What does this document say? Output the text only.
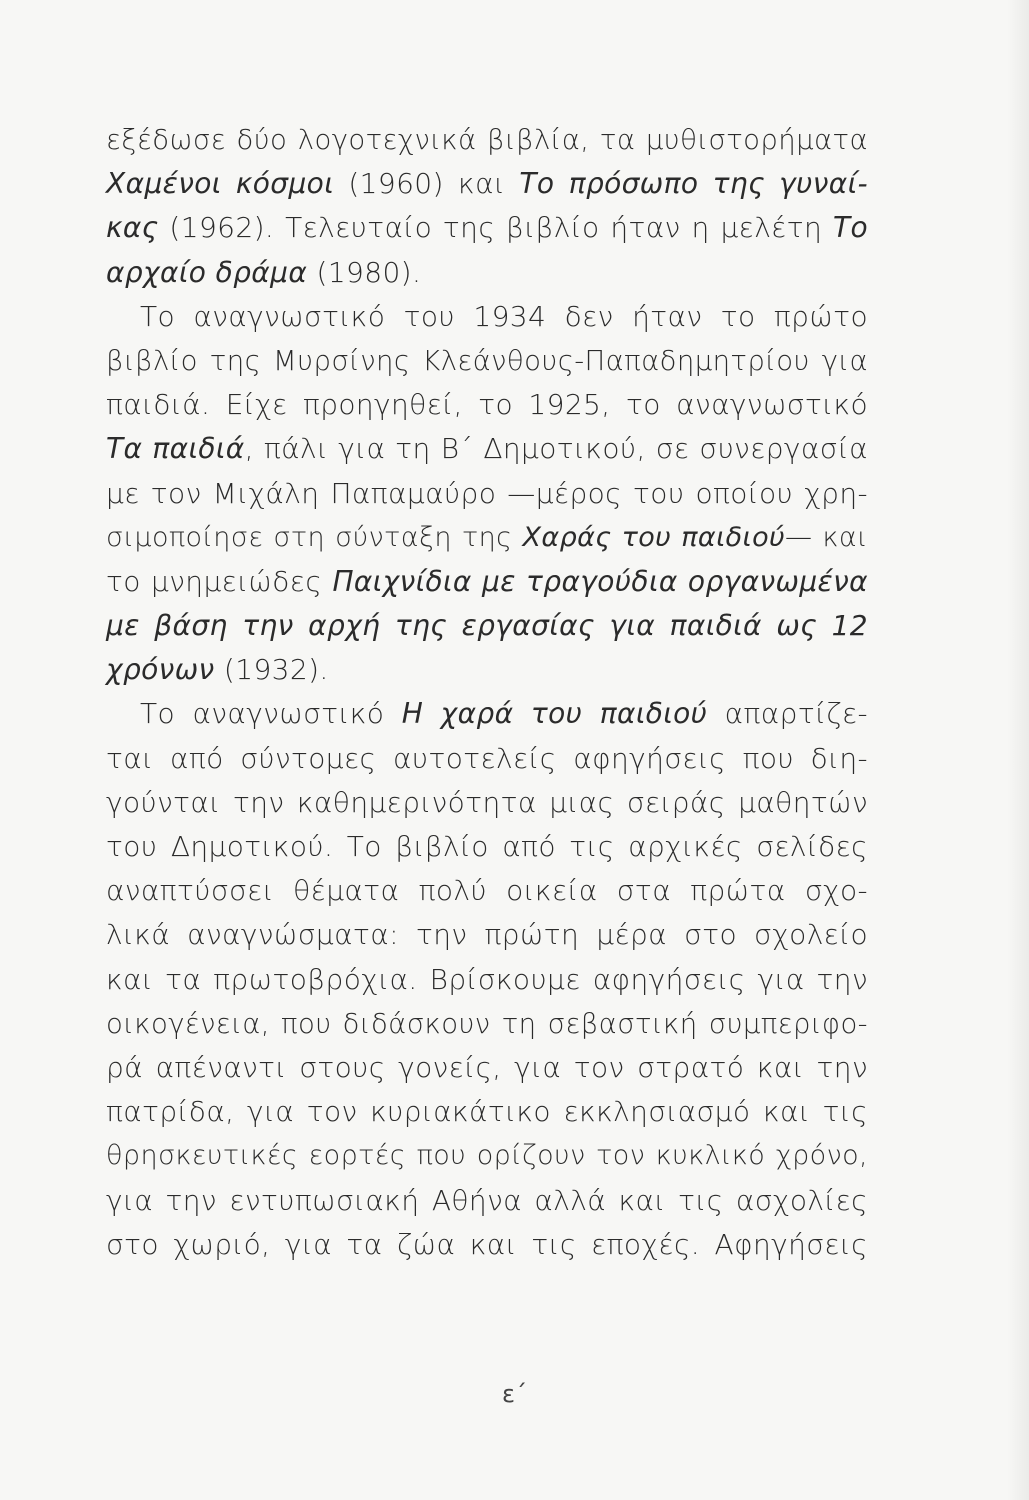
εξέδωσε δύο λογοτεχνικά βιβλία, τα μυθιστορήματα
Χαμένοι κόσμοι (1960) και Το πρόσωπο της γυναί-
κας (1962). Τελευταίο της βιβλίο ήταν η μελέτη Το
αρχαίο δράμα (1980).
Το αναγνωστικό του 1934 δεν ήταν το πρώτο
βιβλίο της Μυρσίνης Κλεάνθους-Παπαδημητρίου για
παιδιά. Είχε προηγηθεί, το 1925, το αναγνωστικό
Τα παιδιά, πάλι για τη Β΄ Δημοτικού, σε συνεργασία
με τον Μιχάλη Παπαμαύρο —μέρος του οποίου χρη-
σιμοποίησε στη σύνταξη της Χαράς του παιδιού— και
το μνημειώδες Παιχνίδια με τραγούδια οργανωμένα
με βάση την αρχή της εργασίας για παιδιά ως 12
χρόνων (1932).
Το αναγνωστικό Η χαρά του παιδιού απαρτίζε-
ται από σύντομες αυτοτελείς αφηγήσεις που διη-
γούνται την καθημερινότητα μιας σειράς μαθητών
του Δημοτικού. Το βιβλίο από τις αρχικές σελίδες
αναπτύσσει θέματα πολύ οικεία στα πρώτα σχο-
λικά αναγνώσματα: την πρώτη μέρα στο σχολείο
και τα πρωτοβρόχια. Βρίσκουμε αφηγήσεις για την
οικογένεια, που διδάσκουν τη σεβαστική συμπεριφο-
ρά απέναντι στους γονείς, για τον στρατό και την
πατρίδα, για τον κυριακάτικο εκκλησιασμό και τις
θρησκευτικές εορτές που ορίζουν τον κυκλικό χρόνο,
για την εντυπωσιακή Αθήνα αλλά και τις ασχολίες
στο χωριό, για τα ζώα και τις εποχές. Αφηγήσεις
ε΄
